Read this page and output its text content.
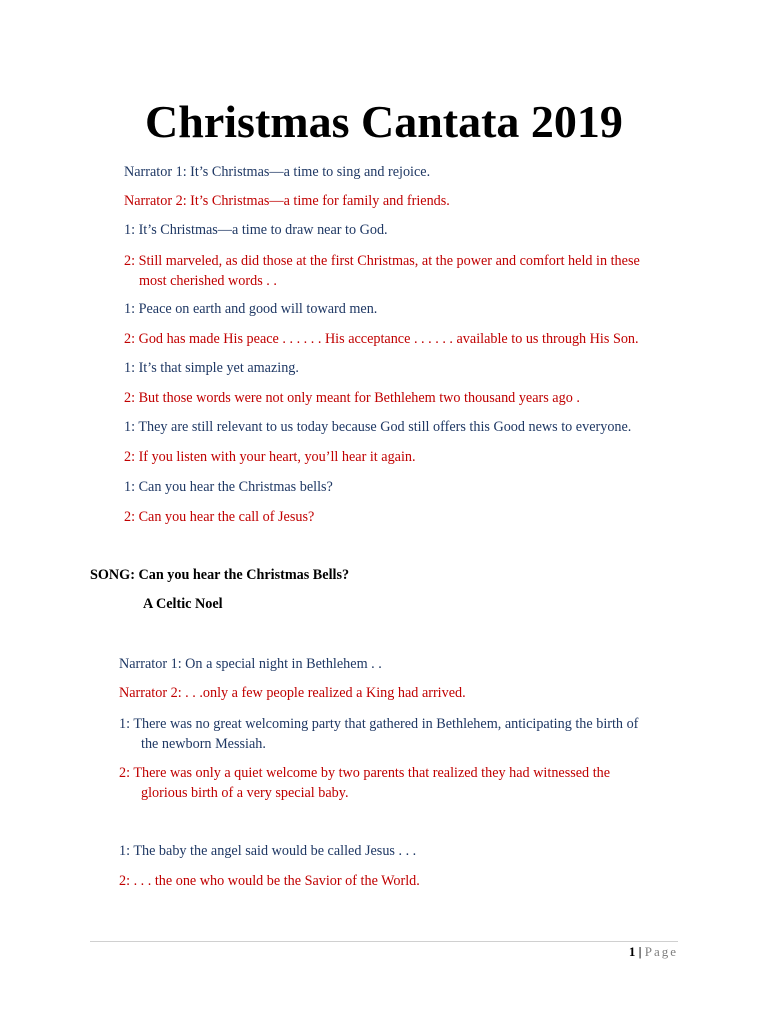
Christmas Cantata 2019
Narrator 1: It’s Christmas—a time to sing and rejoice.
Narrator 2: It’s Christmas—a time for family and friends.
1: It’s Christmas—a time to draw near to God.
2: Still marveled, as did those at the first Christmas, at the power and comfort held in these
most cherished words . .
1: Peace on earth and good will toward men.
2: God has made His peace . . . . . . His acceptance . . . . . . available to us through His Son.
1: It’s that simple yet amazing.
2: But those words were not only meant for Bethlehem two thousand years ago .
1: They are still relevant to us today because God still offers this Good news to everyone.
2: If you listen with your heart, you’ll hear it again.
1: Can you hear the Christmas bells?
2: Can you hear the call of Jesus?
SONG: Can you hear the Christmas Bells?
A Celtic Noel
Narrator 1: On a special night in Bethlehem . .
Narrator 2: . . .only a few people realized a King had arrived.
1: There was no great welcoming party that gathered in Bethlehem, anticipating the birth of
the newborn Messiah.
2: There was only a quiet welcome by two parents that realized they had witnessed the
glorious birth of a very special baby.
1: The baby the angel said would be called Jesus . . .
2: . . . the one who would be the Savior of the World.
1 | Page
